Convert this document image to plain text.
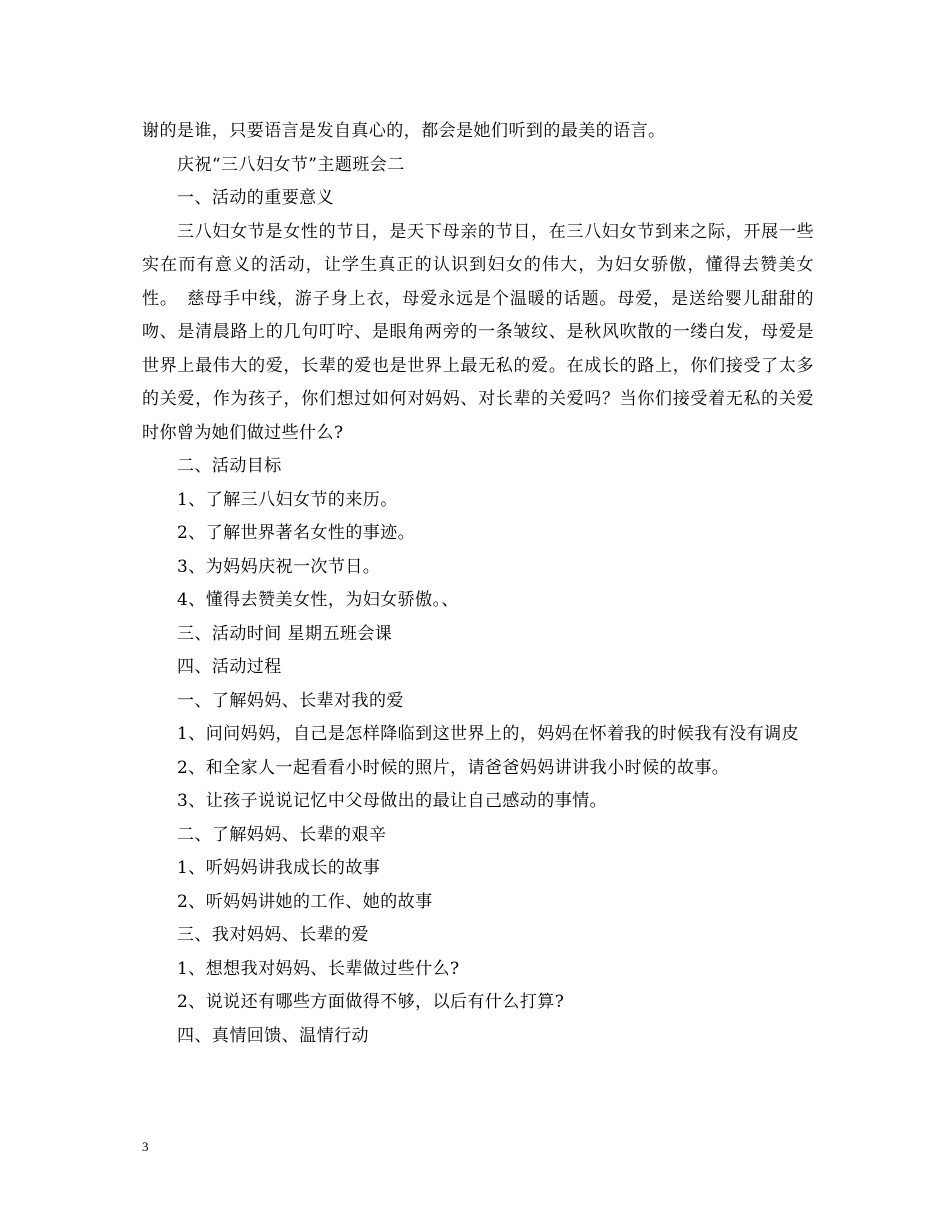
谢的是谁，只要语言是发自真心的，都会是她们听到的最美的语言。

庆祝“三八妇女节”主题班会二

一、活动的重要意义

三八妇女节是女性的节日，是天下母亲的节日，在三八妇女节到来之际，开展一些实在而有意义的活动，让学生真正的认识到妇女的伟大，为妇女骄傲，懂得去赞美女性。　慈母手中线，游子身上衣，母爱永远是个温暖的话题。母爱，是送给婴儿甜甜的吻、是清晨路上的几句叮咛、是眼角两旁的一条皱纹、是秋风吹散的一缕白发，母爱是世界上最伟大的爱，长辈的爱也是世界上最无私的爱。在成长的路上，你们接受了太多的关爱，作为孩子，你们想过如何对妈妈、对长辈的关爱吗？当你们接受着无私的关爱时你曾为她们做过些什么?

二、活动目标

1、了解三八妇女节的来历。

2、了解世界著名女性的事迹。

3、为妈妈庆祝一次节日。

4、懂得去赞美女性，为妇女骄傲。、

三、活动时间 星期五班会课

四、活动过程

一、了解妈妈、长辈对我的爱

1、问问妈妈，自己是怎样降临到这世界上的，妈妈在怀着我的时候我有没有调皮

2、和全家人一起看看小时候的照片，请爸爸妈妈讲讲我小时候的故事。

3、让孩子说说记忆中父母做出的最让自己感动的事情。

二、了解妈妈、长辈的艰辛

1、听妈妈讲我成长的故事

2、听妈妈讲她的工作、她的故事

三、我对妈妈、长辈的爱

1、想想我对妈妈、长辈做过些什么?

2、说说还有哪些方面做得不够，以后有什么打算?

四、真情回馈、温情行动

3
